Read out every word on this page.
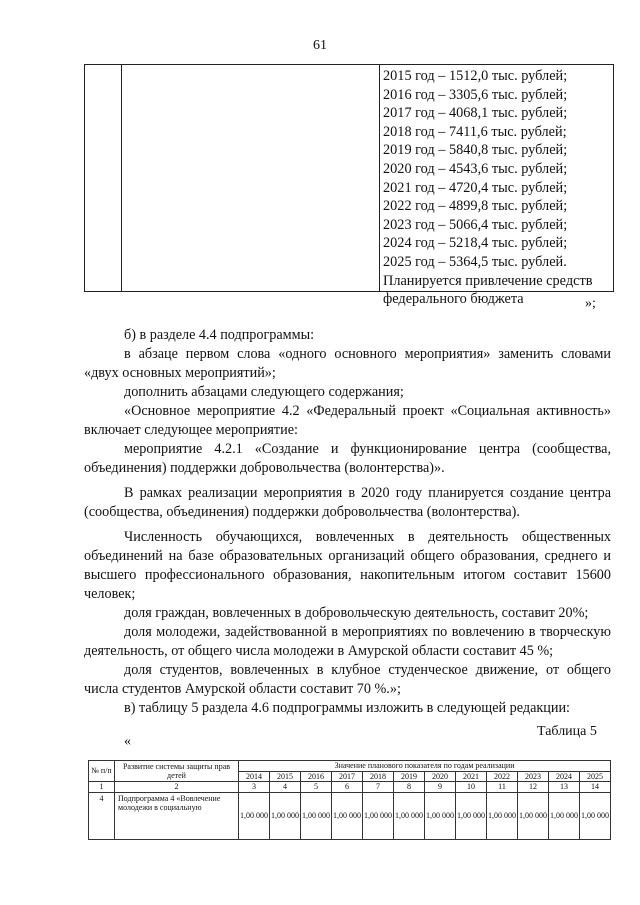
61
2015 год – 1512,0 тыс. рублей;
2016 год – 3305,6 тыс. рублей;
2017 год – 4068,1 тыс. рублей;
2018 год – 7411,6 тыс. рублей;
2019 год – 5840,8 тыс. рублей;
2020 год – 4543,6 тыс. рублей;
2021 год – 4720,4 тыс. рублей;
2022 год – 4899,8 тыс. рублей;
2023 год – 5066,4 тыс. рублей;
2024 год – 5218,4 тыс. рублей;
2025 год – 5364,5 тыс. рублей.
Планируется привлечение средств
федерального бюджета	»;

б) в разделе 4.4 подпрограммы:

в абзаце первом слова «одного основного мероприятия» заменить словами «двух основных мероприятий»;

дополнить абзацами следующего содержания;

«Основное мероприятие 4.2 «Федеральный проект «Социальная активность» включает следующее мероприятие:

мероприятие 4.2.1 «Создание и функционирование центра (сообщества, объединения) поддержки добровольчества (волонтерства)».

В рамках реализации мероприятия в 2020 году планируется создание центра (сообщества, объединения) поддержки добровольчества (волонтерства).

Численность обучающихся, вовлеченных в деятельность общественных объединений на базе образовательных организаций общего образования, среднего и высшего профессионального образования, накопительным итогом составит 15600 человек;

доля граждан, вовлеченных в добровольческую деятельность, составит 20%;

доля молодежи, задействованной в мероприятиях по вовлечению в творческую деятельность, от общего числа молодежи в Амурской области составит 45 %;

доля студентов, вовлеченных в клубное студенческое движение, от общего числа студентов Амурской области составит 70 %.»;

в) таблицу 5 раздела 4.6 подпрограммы изложить в следующей редакции:

Таблица 5
«
№ п/п	Развитие системы защиты прав детей	Значение планового показателя по годам реализации											
		2014	2015	2016	2017	2018	2019	2020	2021	2022	2023	2024	2025
1	2	3	4	5	6	7	8	9	10	11	12	13	14
4	Подпрограмма 4 «Вовлечение молодежи в социальную	1,00 000	1,00 000	1,00 000	1,00 000	1,00 000	1,00 000	1,00 000	1,00 000	1,00 000	1,00 000	1,00 000	1,00 000
